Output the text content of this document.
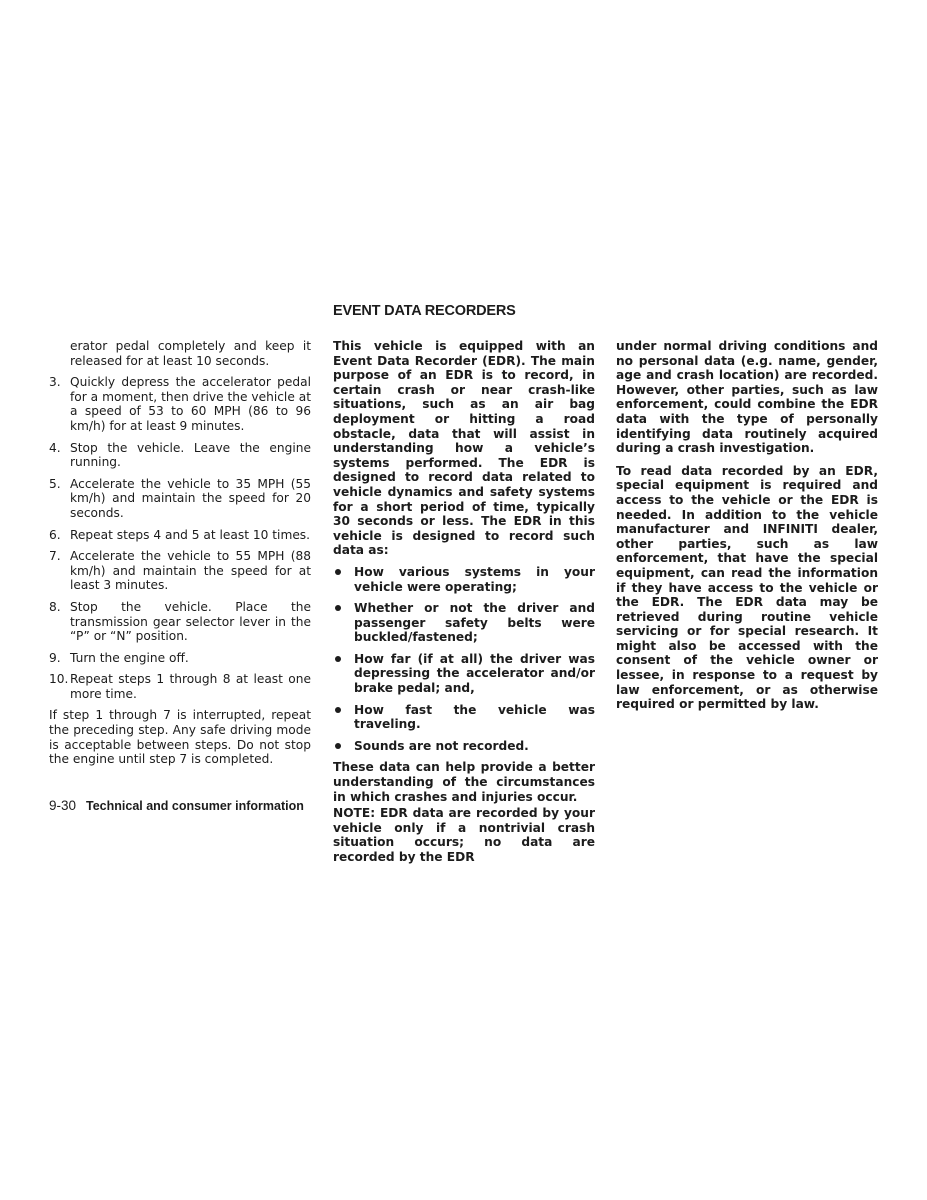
EVENT DATA RECORDERS
erator pedal completely and keep it released for at least 10 seconds.
3. Quickly depress the accelerator pedal for a moment, then drive the vehicle at a speed of 53 to 60 MPH (86 to 96 km/h) for at least 9 minutes.
4. Stop the vehicle. Leave the engine running.
5. Accelerate the vehicle to 35 MPH (55 km/h) and maintain the speed for 20 seconds.
6. Repeat steps 4 and 5 at least 10 times.
7. Accelerate the vehicle to 55 MPH (88 km/h) and maintain the speed for at least 3 minutes.
8. Stop the vehicle. Place the transmission gear selector lever in the “P” or “N” position.
9. Turn the engine off.
10. Repeat steps 1 through 8 at least one more time.

If step 1 through 7 is interrupted, repeat the preceding step. Any safe driving mode is acceptable between steps. Do not stop the engine until step 7 is completed.

This vehicle is equipped with an Event Data Recorder (EDR). The main purpose of an EDR is to record, in certain crash or near crash-like situations, such as an air bag deployment or hitting a road obstacle, data that will assist in understanding how a vehicle’s systems performed. The EDR is designed to record data related to vehicle dynamics and safety systems for a short period of time, typically 30 seconds or less. The EDR in this vehicle is designed to record such data as:

How various systems in your vehicle were operating;
Whether or not the driver and passenger safety belts were buckled/fastened;
How far (if at all) the driver was depressing the accelerator and/or brake pedal; and,
How fast the vehicle was traveling.
Sounds are not recorded.

These data can help provide a better understanding of the circumstances in which crashes and injuries occur.

NOTE: EDR data are recorded by your vehicle only if a nontrivial crash situation occurs; no data are recorded by the EDR

under normal driving conditions and no personal data (e.g. name, gender, age and crash location) are recorded. However, other parties, such as law enforcement, could combine the EDR data with the type of personally identifying data routinely acquired during a crash investigation.

To read data recorded by an EDR, special equipment is required and access to the vehicle or the EDR is needed. In addition to the vehicle manufacturer and INFINITI dealer, other parties, such as law enforcement, that have the special equipment, can read the information if they have access to the vehicle or the EDR. The EDR data may be retrieved during routine vehicle servicing or for special research. It might also be accessed with the consent of the vehicle owner or lessee, in response to a request by law enforcement, or as otherwise required or permitted by law.

9-30 Technical and consumer information
